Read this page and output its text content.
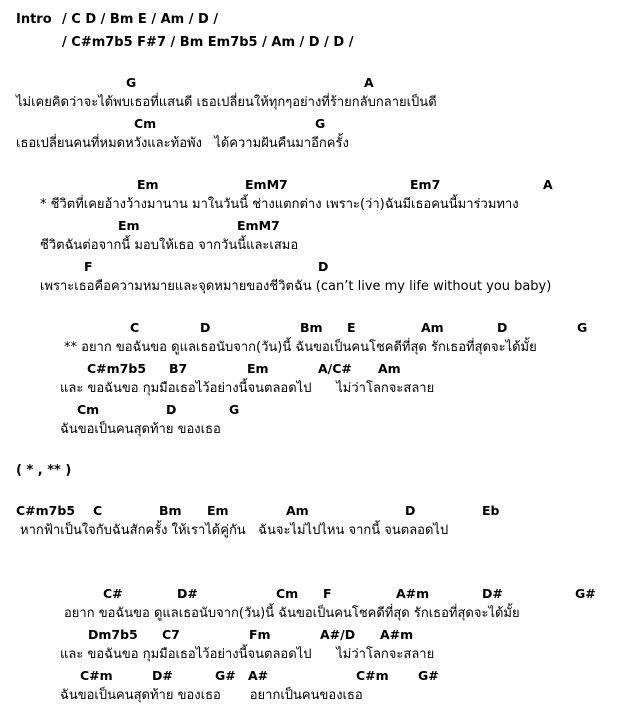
Intro / C D / Bm E / Am / D /
/ C#m7b5 F#7 / Bm Em7b5 / Am / D / D /
G	A
ไม่เคยคิดว่าจะได้พบเธอที่แสนดี เธอเปลี่ยนให้ทุกๆอย่างที่ร้ายกลับกลายเป็นดี
Cm	G
เธอเปลี่ยนคนที่หมดหวังและท้อพัง   ได้ความฝันคืนมาอีกครั้ง
Em	EmM7	Em7	A
* ชีวิตที่เคยอ้างว้างมานาน มาในวันนี้ ช่างแตกต่าง เพราะ(ว่า)ฉันมีเธอคนนี้มาร่วมทาง
Em	EmM7
ชีวิตฉันต่อจากนี้ มอบให้เธอ จากวันนี้และเสมอ
F	D
เพราะเธอคือความหมายและจุดหมายของชีวิตฉัน (can’t live my life without you baby)
C	D	Bm E	Am	D	G
** อยาก ขอฉันขอ ดูแลเธอนับจาก(วัน)นี้ ฉันขอเป็นคนโชคดีที่สุด รักเธอที่สุดจะได้มั้ย
C#m7b5 B7	Em	A/C# Am
และ ขอฉันขอ กุมมือเธอไว้อย่างนี้จนตลอดไป      ไม่ว่าโลกจะสลาย
Cm	D	G
ฉันขอเป็นคนสุดท้าย ของเธอ
( * , ** )
C#m7b5 C	Bm Em	Am	D	Eb
หากฟ้าเป็นใจกับฉันสักครั้ง ให้เราได้คู่กัน   ฉันจะไม่ไปไหน จากนี้ จนตลอดไป
C#	D#	Cm F	A#m	D#	G#
อยาก ขอฉันขอ ดูแลเธอนับจาก(วัน)นี้ ฉันขอเป็นคนโชคดีที่สุด รักเธอที่สุดจะได้มั้ย
Dm7b5 C7	Fm	A#/D A#m
และ ขอฉันขอ กุมมือเธอไว้อย่างนี้จนตลอดไป      ไม่ว่าโลกจะสลาย
C#m	D#	G# A#	C#m G#
ฉันขอเป็นคนสุดท้าย ของเธอ       อยากเป็นคนของเธอ
